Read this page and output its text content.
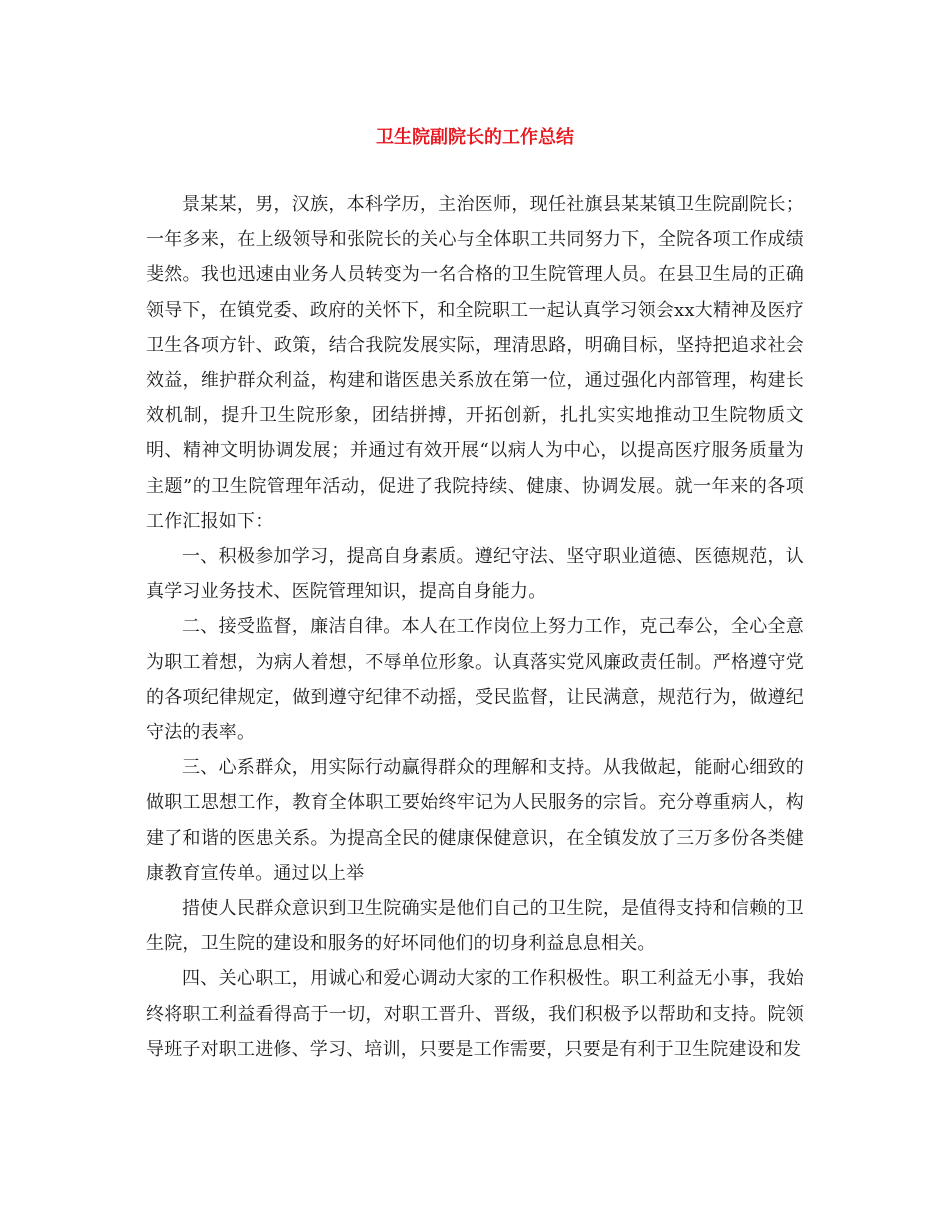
卫生院副院长的工作总结

景某某，男，汉族，本科学历，主治医师，现任社旗县某某镇卫生院副院长；一年多来，在上级领导和张院长的关心与全体职工共同努力下，全院各项工作成绩斐然。我也迅速由业务人员转变为一名合格的卫生院管理人员。在县卫生局的正确领导下，在镇党委、政府的关怀下，和全院职工一起认真学习领会xx大精神及医疗卫生各项方针、政策，结合我院发展实际，理清思路，明确目标，坚持把追求社会效益，维护群众利益，构建和谐医患关系放在第一位，通过强化内部管理，构建长效机制，提升卫生院形象，团结拼搏，开拓创新，扎扎实实地推动卫生院物质文明、精神文明协调发展；并通过有效开展“以病人为中心，以提高医疗服务质量为主题”的卫生院管理年活动，促进了我院持续、健康、协调发展。就一年来的各项工作汇报如下：

一、积极参加学习，提高自身素质。遵纪守法、坚守职业道德、医德规范，认真学习业务技术、医院管理知识，提高自身能力。

二、接受监督，廉洁自律。本人在工作岗位上努力工作，克己奉公，全心全意为职工着想，为病人着想，不辱单位形象。认真落实党风廉政责任制。严格遵守党的各项纪律规定，做到遵守纪律不动摇，受民监督，让民满意，规范行为，做遵纪守法的表率。

三、心系群众，用实际行动赢得群众的理解和支持。从我做起，能耐心细致的做职工思想工作，教育全体职工要始终牢记为人民服务的宗旨。充分尊重病人，构建了和谐的医患关系。为提高全民的健康保健意识，在全镇发放了三万多份各类健康教育宣传单。通过以上举

措使人民群众意识到卫生院确实是他们自己的卫生院，是值得支持和信赖的卫生院，卫生院的建设和服务的好坏同他们的切身利益息息相关。

四、关心职工，用诚心和爱心调动大家的工作积极性。职工利益无小事，我始终将职工利益看得高于一切，对职工晋升、晋级，我们积极予以帮助和支持。院领导班子对职工进修、学习、培训，只要是工作需要，只要是有利于卫生院建设和发
